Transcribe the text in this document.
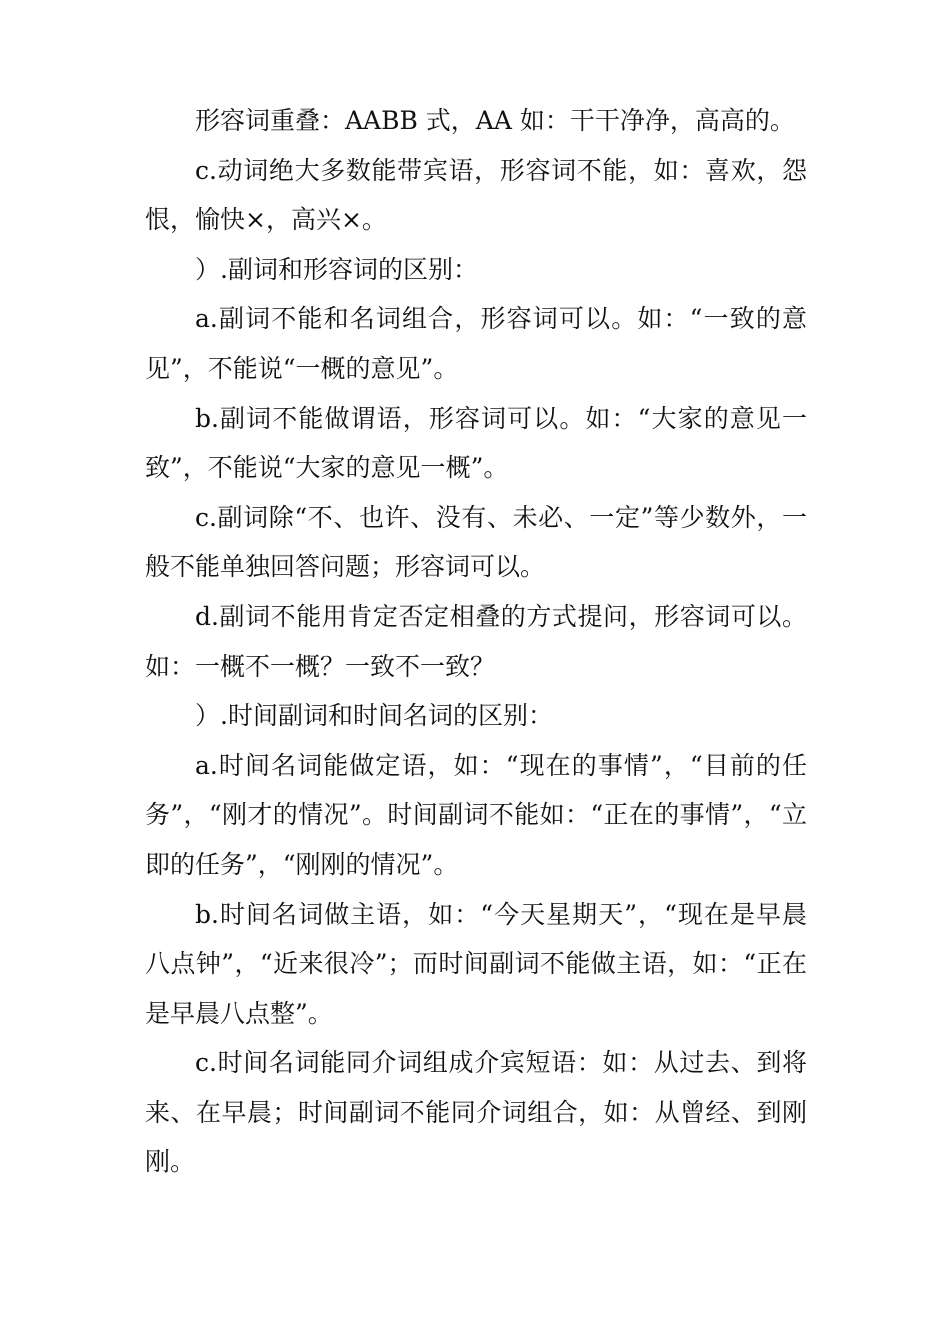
形容词重叠：AABB 式，AA 如：干干净净，高高的。

c.动词绝大多数能带宾语，形容词不能，如：喜欢，怨恨，愉快×，高兴×。

）.副词和形容词的区别：

a.副词不能和名词组合，形容词可以。如：“一致的意见”，不能说“一概的意见”。

b.副词不能做谓语，形容词可以。如：“大家的意见一致”，不能说“大家的意见一概”。

c.副词除“不、也许、没有、未必、一定”等少数外，一般不能单独回答问题；形容词可以。

d.副词不能用肯定否定相叠的方式提问，形容词可以。如：一概不一概？一致不一致？

）.时间副词和时间名词的区别：

a.时间名词能做定语，如：“现在的事情”，“目前的任务”，“刚才的情况”。时间副词不能如：“正在的事情”，“立即的任务”，“刚刚的情况”。

b.时间名词做主语，如：“今天星期天”，“现在是早晨八点钟”，“近来很冷”；而时间副词不能做主语，如：“正在是早晨八点整”。

c.时间名词能同介词组成介宾短语：如：从过去、到将来、在早晨；时间副词不能同介词组合，如：从曾经、到刚刚。
